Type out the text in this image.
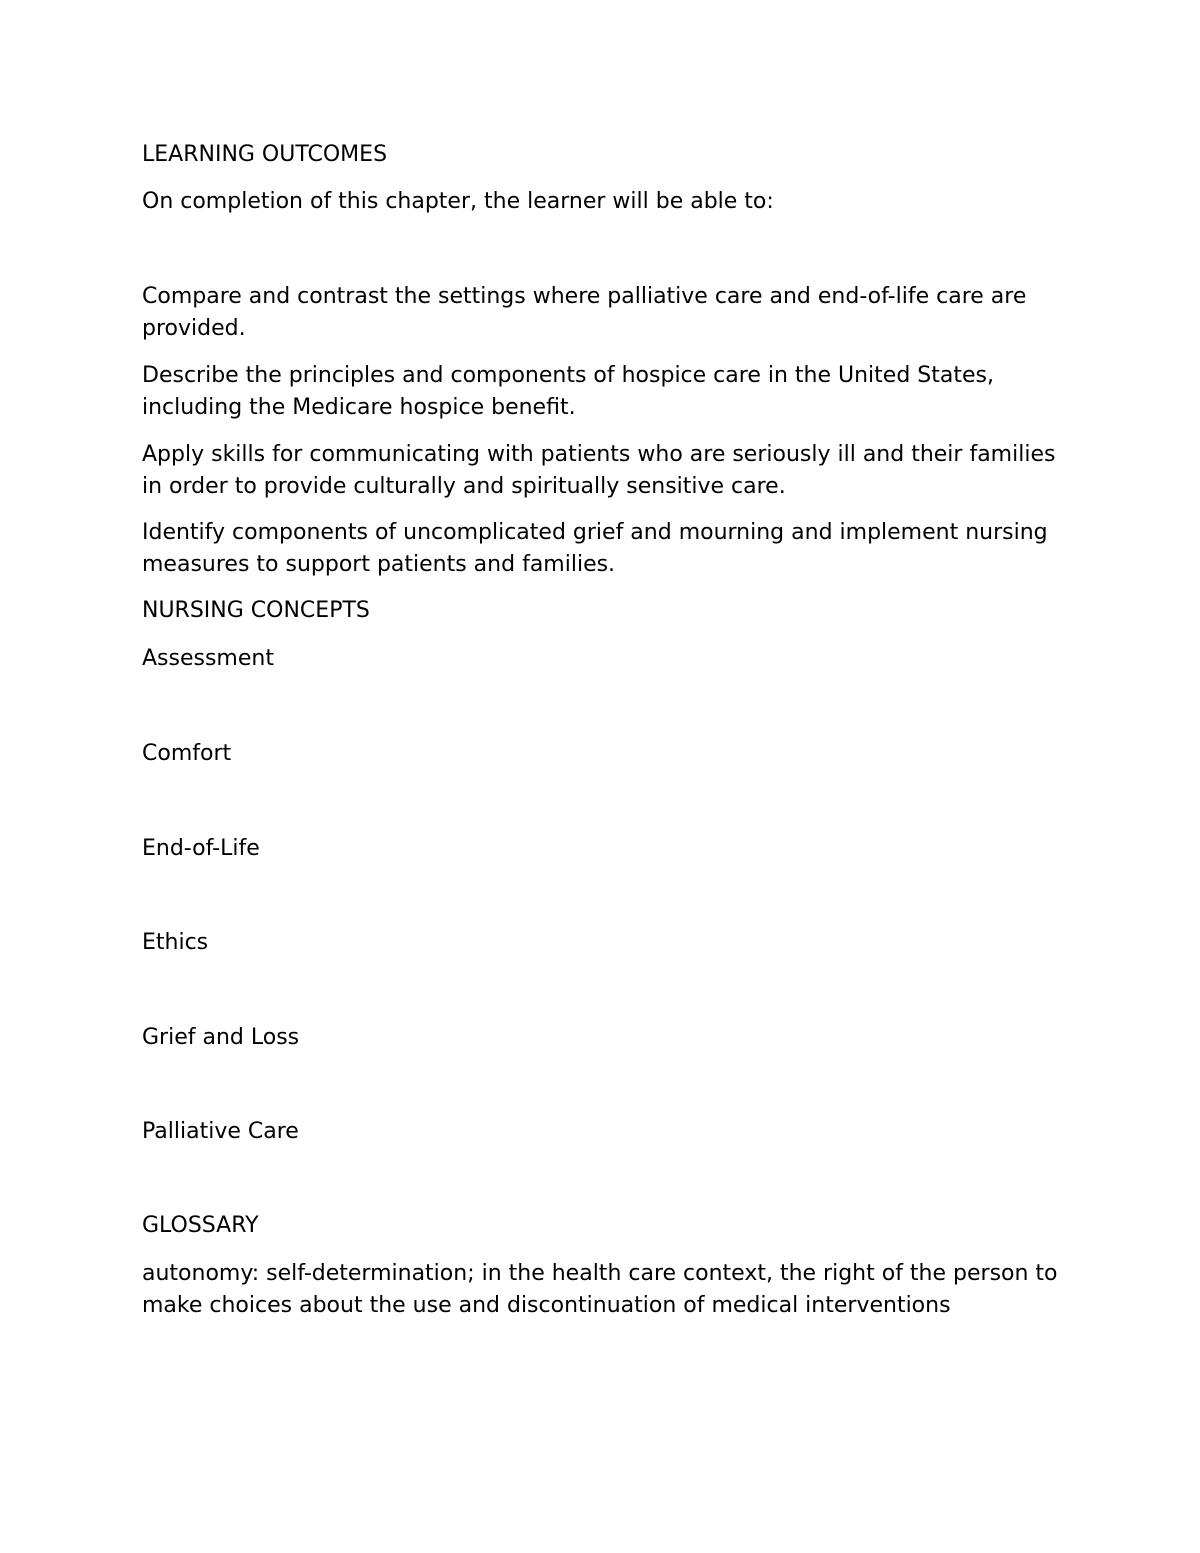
LEARNING OUTCOMES

On completion of this chapter, the learner will be able to:

Compare and contrast the settings where palliative care and end-of-life care are provided.

Describe the principles and components of hospice care in the United States, including the Medicare hospice benefit.

Apply skills for communicating with patients who are seriously ill and their families in order to provide culturally and spiritually sensitive care.

Identify components of uncomplicated grief and mourning and implement nursing measures to support patients and families.

NURSING CONCEPTS

Assessment

Comfort

End-of-Life

Ethics

Grief and Loss

Palliative Care

GLOSSARY

autonomy: self-determination; in the health care context, the right of the person to make choices about the use and discontinuation of medical interventions
